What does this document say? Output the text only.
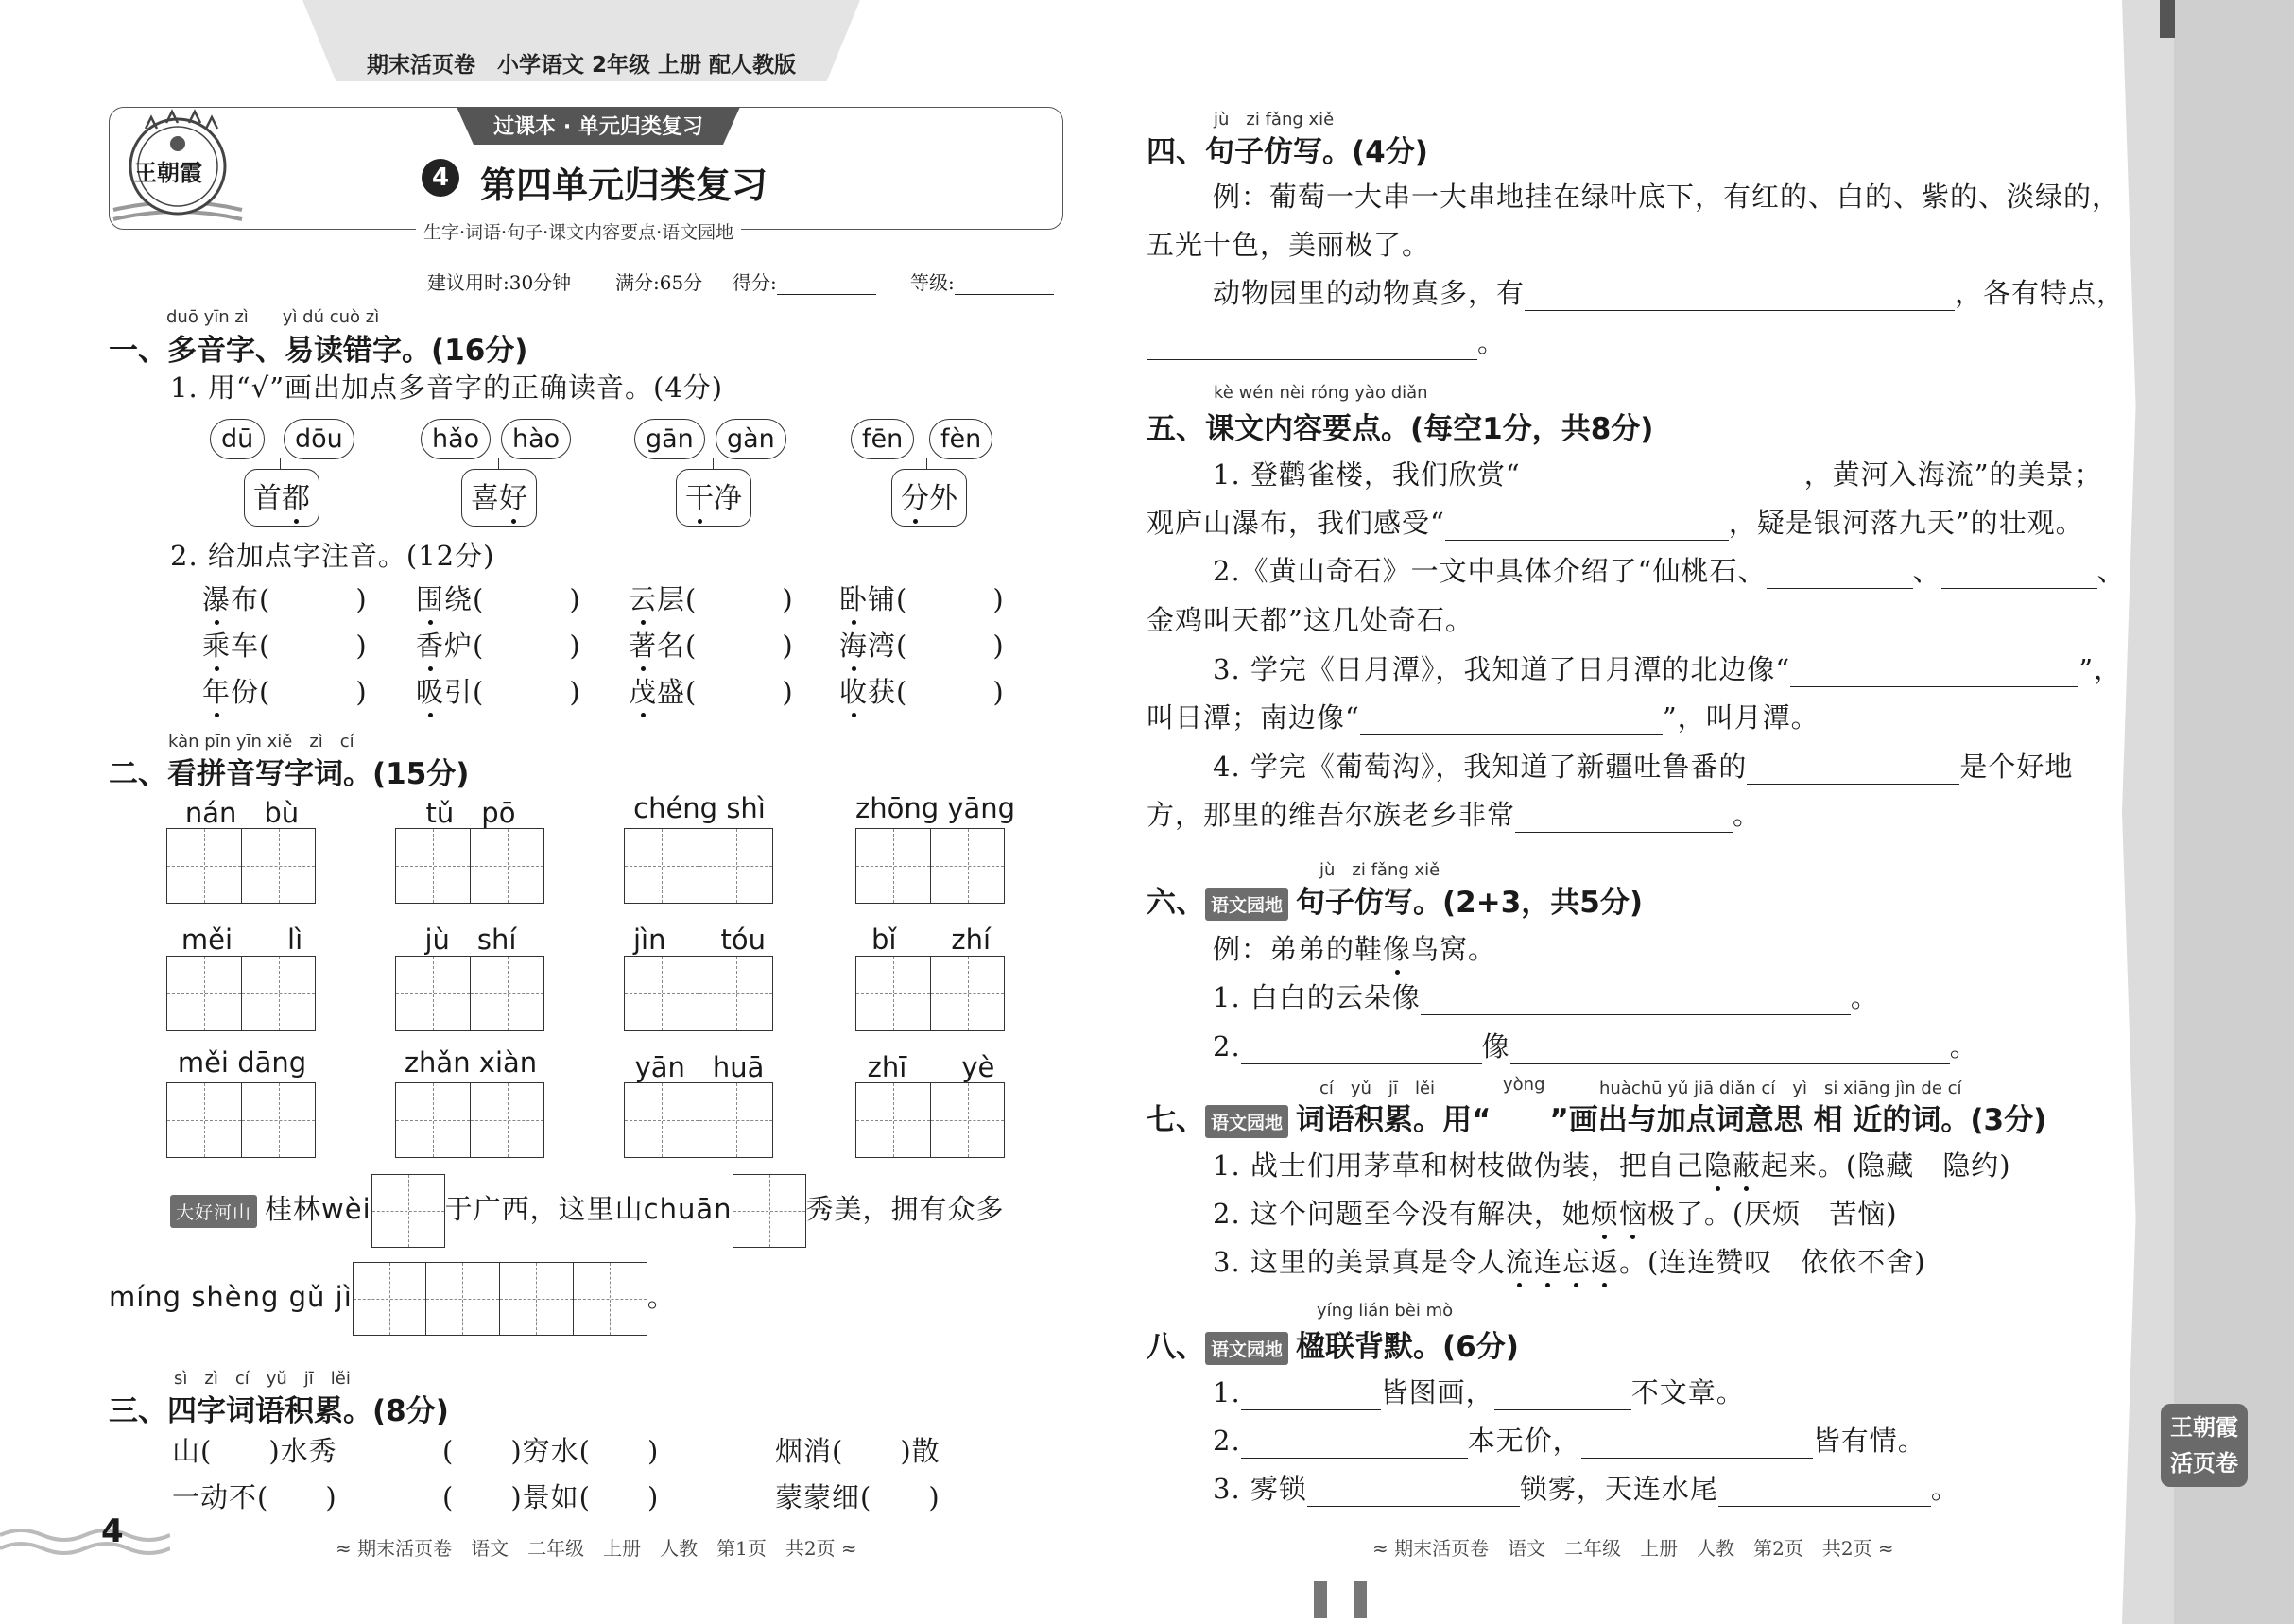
期末活页卷　小学语文 2年级 上册 配人教版
过课本 · 单元归类复习
王朝霞	4 第四单元归类复习
生字·词语·句子·课文内容要点·语文园地
建议用时:30分钟 满分:65分 得分:	等级:
duō yīn zì　　yì dú cuò zì
一、多音字、易读错字。(16分)
1. 用“√”画出加点多音字的正确读音。(4分)
dū	dōu
首都
hǎo	hào
喜好
gān	gàn
干净
fēn	fèn
分外
2. 给加点字注音。(12分)
瀑布(　　　) 围绕(　　　) 云层(　　　) 卧铺(　　　)
乘车(　　　) 香炉(　　　) 著名(　　　) 海湾(　　　)
年份(　　　) 吸引(　　　) 茂盛(　　　) 收获(　　　)
kàn pīn yīn xiě　zì　cí
二、看拼音写字词。(15分)
nán　bù	tǔ　pō	chéng shì	zhōng yāng
měi　　lì	jù　shí	jìn　　tóu	bǐ　　zhí
měi dāng	zhǎn xiàn	yān　huā	zhī　　yè
大好河山 桂林wèi	于广西，这里山chuān	秀美，拥有众多
míng shèng gǔ jì	。
sì　zì　cí　yǔ　jī　lěi
三、四字词语积累。(8分)
山(　　)水秀	(　　)穷水(　　)	烟消(　　)散
一动不(　　)	(　　)景如(　　)	蒙蒙细(　　)
4	≈ 期末活页卷　语文　二年级　上册　人教　第1页　共2页 ≈
jù　zi fǎng xiě
四、句子仿写。(4分)
例：葡萄一大串一大串地挂在绿叶底下，有红的、白的、紫的、淡绿的，
五光十色，美丽极了。
动物园里的动物真多，有	，各有特点，
。
kè wén nèi róng yào diǎn
五、课文内容要点。(每空1分，共8分)
1. 登鹳雀楼，我们欣赏“	，黄河入海流”的美景；
观庐山瀑布，我们感受“	，疑是银河落九天”的壮观。
2.《黄山奇石》一文中具体介绍了“仙桃石、	、	、
金鸡叫天都”这几处奇石。
3. 学完《日月潭》，我知道了日月潭的北边像“	”，
叫日潭；南边像“	”，叫月潭。
4. 学完《葡萄沟》，我知道了新疆吐鲁番的	是个好地
方，那里的维吾尔族老乡非常	。
jù　zi fǎng xiě
六、 语文园地 句子仿写。(2+3，共5分)
例：弟弟的鞋像鸟窝。
1. 白白的云朵像	。
2.	像	。
cí　yǔ　jī　lěi	yòng	huàchū yǔ jiā diǎn cí　yì　si xiāng jìn de cí
七、 语文园地 词语积累。用“　　”画出与加点词意思 相 近的词。(3分)
1. 战士们用茅草和树枝做伪装，把自己隐蔽起来。(隐藏　隐约)
2. 这个问题至今没有解决，她烦恼极了。(厌烦　苦恼)
3. 这里的美景真是令人流连忘返。(连连赞叹　依依不舍)
yíng lián bèi mò
八、 语文园地 楹联背默。(6分)
1.	皆图画，	不文章。
2.	本无价，	皆有情。
3. 雾锁	锁雾，天连水尾	。
≈ 期末活页卷　语文　二年级　上册　人教　第2页　共2页 ≈
王朝霞
活页卷
